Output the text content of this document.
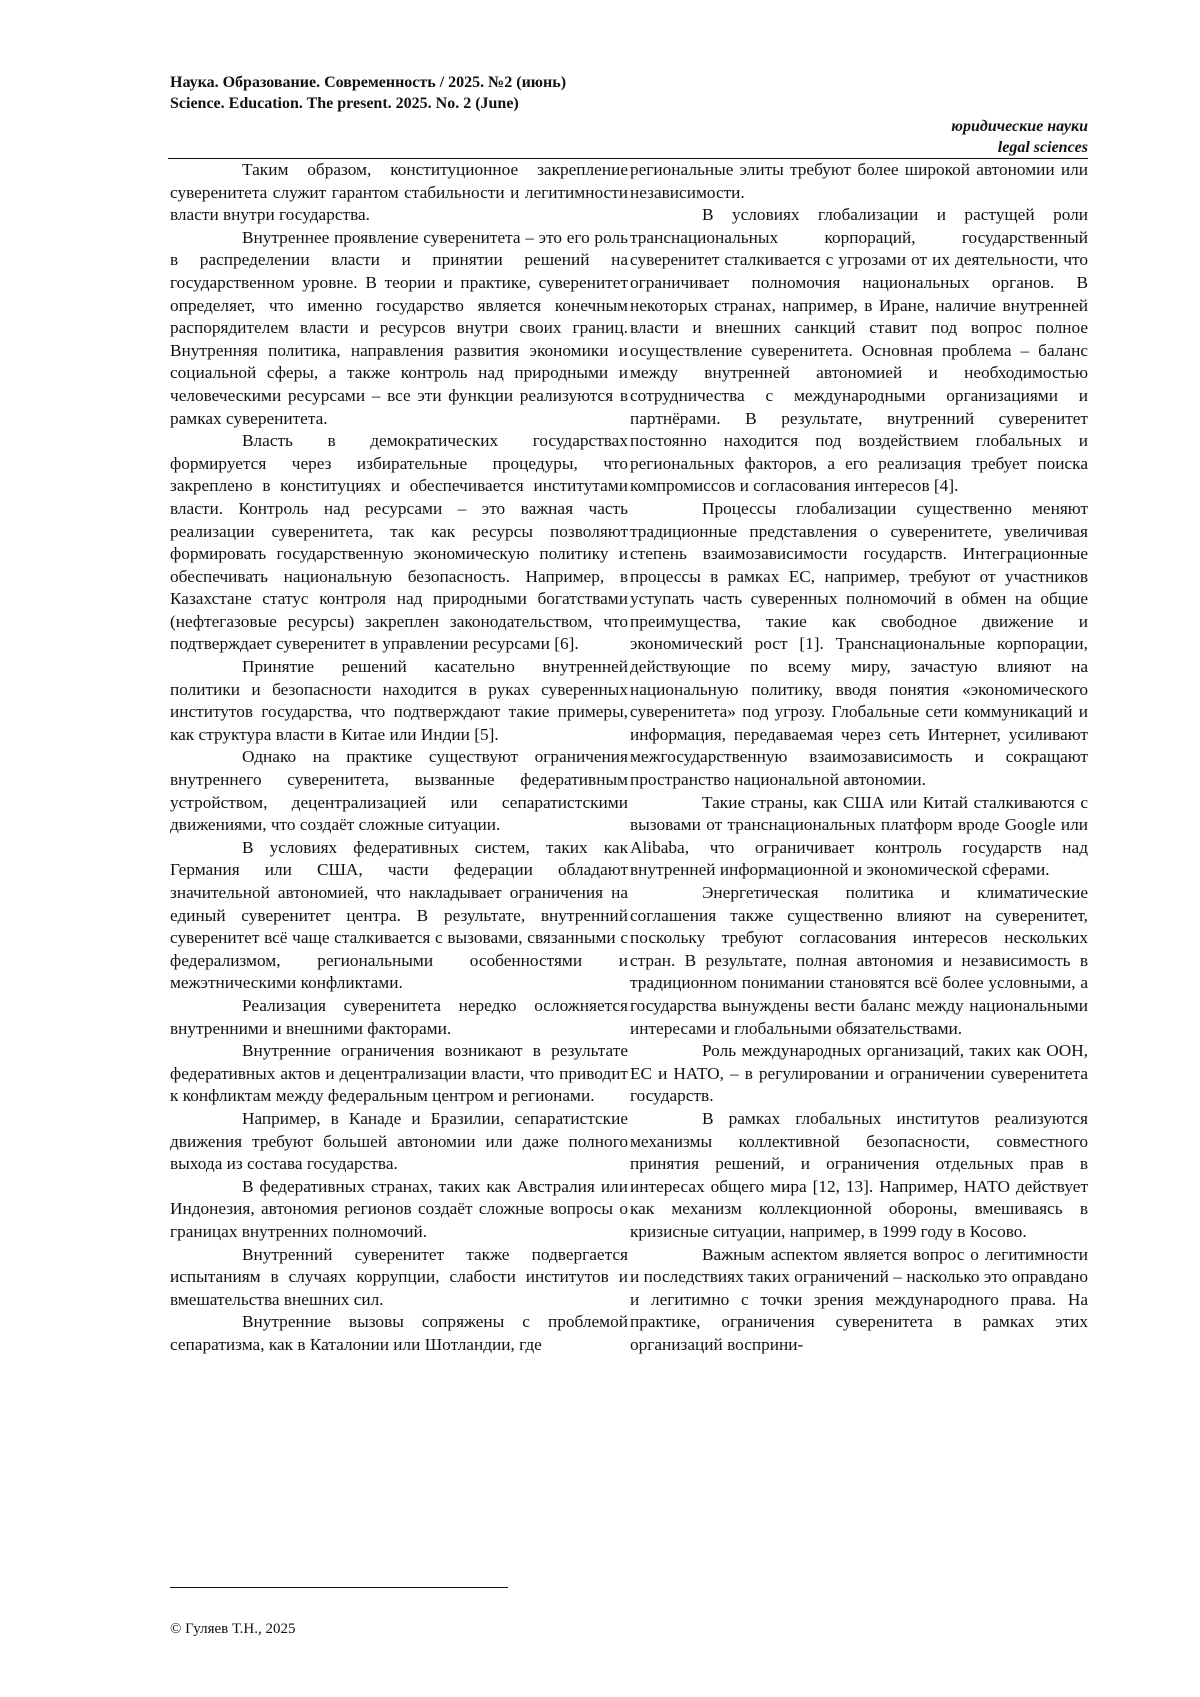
Наука. Образование. Современность / 2025. №2 (июнь)
Science. Education. The present. 2025. No. 2 (June)
юридические науки
legal sciences

Таким образом, конституционное закрепление суверенитета служит гарантом стабильности и легитимности власти внутри государства.

Внутреннее проявление суверенитета – это его роль в распределении власти и принятии решений на государственном уровне. В теории и практике, суверенитет определяет, что именно государство является конечным распорядителем власти и ресурсов внутри своих границ. Внутренняя политика, направления развития экономики и социальной сферы, а также контроль над природными и человеческими ресурсами – все эти функции реализуются в рамках суверенитета.

Власть в демократических государствах формируется через избирательные процедуры, что закреплено в конституциях и обеспечивается институтами власти. Контроль над ресурсами – это важная часть реализации суверенитета, так как ресурсы позволяют формировать государственную экономическую политику и обеспечивать национальную безопасность. Например, в Казахстане статус контроля над природными богатствами (нефтегазовые ресурсы) закреплен законодательством, что подтверждает суверенитет в управлении ресурсами [6].

Принятие решений касательно внутренней политики и безопасности находится в руках суверенных институтов государства, что подтверждают такие примеры, как структура власти в Китае или Индии [5].

Однако на практике существуют ограничения внутреннего суверенитета, вызванные федеративным устройством, децентрализацией или сепаратистскими движениями, что создаёт сложные ситуации.

В условиях федеративных систем, таких как Германия или США, части федерации обладают значительной автономией, что накладывает ограничения на единый суверенитет центра. В результате, внутренний суверенитет всё чаще сталкивается с вызовами, связанными с федерализмом, региональными особенностями и межэтническими конфликтами.

Реализация суверенитета нередко осложняется внутренними и внешними факторами.

Внутренние ограничения возникают в результате федеративных актов и децентрализации власти, что приводит к конфликтам между федеральным центром и регионами.

Например, в Канаде и Бразилии, сепаратистские движения требуют большей автономии или даже полного выхода из состава государства.

В федеративных странах, таких как Австралия или Индонезия, автономия регионов создаёт сложные вопросы о границах внутренних полномочий.

Внутренний суверенитет также подвергается испытаниям в случаях коррупции, слабости институтов и вмешательства внешних сил.

Внутренние вызовы сопряжены с проблемой сепаратизма, как в Каталонии или Шотландии, где

региональные элиты требуют более широкой автономии или независимости.

В условиях глобализации и растущей роли транснациональных корпораций, государственный суверенитет сталкивается с угрозами от их деятельности, что ограничивает полномочия национальных органов. В некоторых странах, например, в Иране, наличие внутренней власти и внешних санкций ставит под вопрос полное осуществление суверенитета. Основная проблема – баланс между внутренней автономией и необходимостью сотрудничества с международными организациями и партнёрами. В результате, внутренний суверенитет постоянно находится под воздействием глобальных и региональных факторов, а его реализация требует поиска компромиссов и согласования интересов [4].

Процессы глобализации существенно меняют традиционные представления о суверенитете, увеличивая степень взаимозависимости государств. Интеграционные процессы в рамках ЕС, например, требуют от участников уступать часть суверенных полномочий в обмен на общие преимущества, такие как свободное движение и экономический рост [1]. Транснациональные корпорации, действующие по всему миру, зачастую влияют на национальную политику, вводя понятия «экономического суверенитета» под угрозу. Глобальные сети коммуникаций и информация, передаваемая через сеть Интернет, усиливают межгосударственную взаимозависимость и сокращают пространство национальной автономии.

Такие страны, как США или Китай сталкиваются с вызовами от транснациональных платформ вроде Google или Alibaba, что ограничивает контроль государств над внутренней информационной и экономической сферами.

Энергетическая политика и климатические соглашения также существенно влияют на суверенитет, поскольку требуют согласования интересов нескольких стран. В результате, полная автономия и независимость в традиционном понимании становятся всё более условными, а государства вынуждены вести баланс между национальными интересами и глобальными обязательствами.

Роль международных организаций, таких как ООН, ЕС и НАТО, – в регулировании и ограничении суверенитета государств.

В рамках глобальных институтов реализуются механизмы коллективной безопасности, совместного принятия решений, и ограничения отдельных прав в интересах общего мира [12, 13]. Например, НАТО действует как механизм коллекционной обороны, вмешиваясь в кризисные ситуации, например, в 1999 году в Косово.

Важным аспектом является вопрос о легитимности и последствиях таких ограничений – насколько это оправдано и легитимно с точки зрения международного права. На практике, ограничения суверенитета в рамках этих организаций восприни-

© Гуляев Т.Н., 2025
